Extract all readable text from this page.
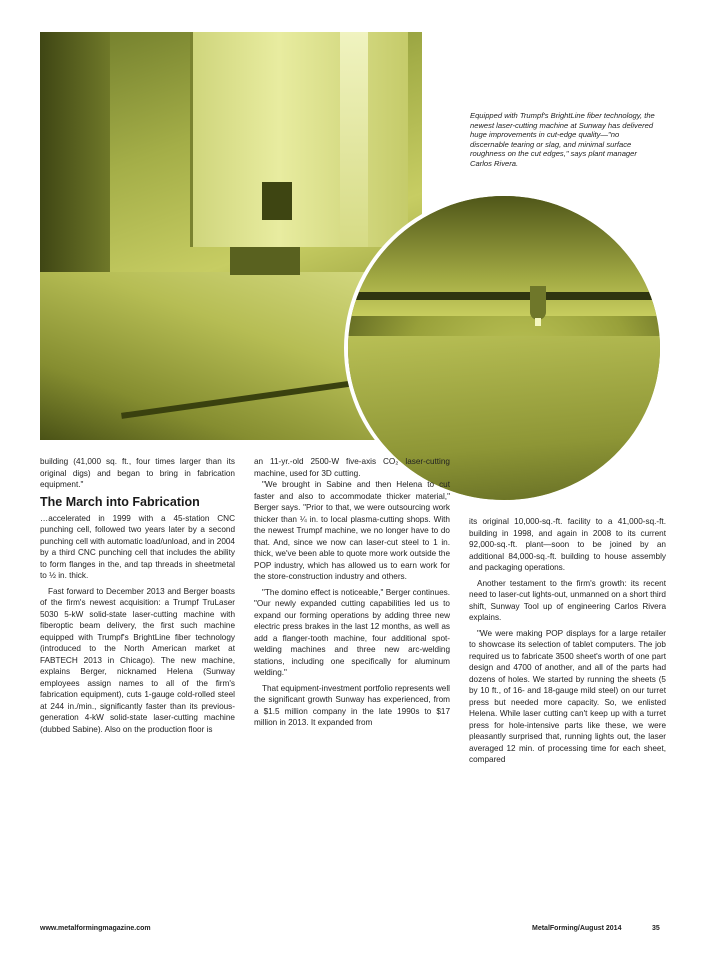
Equipped with Trumpf's BrightLine fiber technology, the newest laser-cutting machine at Sunway has delivered huge improvements in cut-edge quality—"no discernable tearing or slag, and minimal surface roughness on the cut edges," says plant manager Carlos Rivera.

building (41,000 sq. ft., four times larger than its original digs) and began to bring in fabrication equipment."

The March into Fabrication

…accelerated in 1999 with a 45-station CNC punching cell, followed two years later by a second punching cell with automatic load/unload, and in 2004 by a third CNC punching cell that includes the ability to form flanges in the, and tap threads in sheetmetal to ½ in. thick.

Fast forward to December 2013 and Berger boasts of the firm's newest acquisition: a Trumpf TruLaser 5030 5-kW solid-state laser-cutting machine with fiberoptic beam delivery, the first such machine equipped with Trumpf's BrightLine fiber technology (introduced to the North American market at FABTECH 2013 in Chicago). The new machine, explains Berger, nicknamed Helena (Sunway employees assign names to all of the firm's fabrication equipment), cuts 1-gauge cold-rolled steel at 244 in./min., significantly faster than its previous-generation 4-kW solid-state laser-cutting machine (dubbed Sabine). Also on the production floor is

an 11-yr.-old 2500-W five-axis CO₂ laser-cutting machine, used for 3D cutting.

"We brought in Sabine and then Helena to cut faster and also to accommodate thicker material," Berger says. "Prior to that, we were outsourcing work thicker than ¼ in. to local plasma-cutting shops. With the newest Trumpf machine, we no longer have to do that. And, since we now can laser-cut steel to 1 in. thick, we've been able to quote more work outside the POP industry, which has allowed us to earn work for the store-construction industry and others.

"The domino effect is noticeable," Berger continues. "Our newly expanded cutting capabilities led us to expand our forming operations by adding three new electric press brakes in the last 12 months, as well as add a flanger-tooth machine, four additional spot-welding machines and three new arc-welding stations, including one specifically for aluminum welding."

That equipment-investment portfolio represents well the significant growth Sunway has experienced, from a $1.5 million company in the late 1990s to $17 million in 2013. It expanded from

its original 10,000-sq.-ft. facility to a 41,000-sq.-ft. building in 1998, and again in 2008 to its current 92,000-sq.-ft. plant—soon to be joined by an additional 84,000-sq.-ft. building to house assembly and packaging operations.

Another testament to the firm's growth: its recent need to laser-cut lights-out, unmanned on a short third shift, Sunway Tool up of engineering Carlos Rivera explains.

"We were making POP displays for a large retailer to showcase its selection of tablet computers. The job required us to fabricate 3500 sheet's worth of one part design and 4700 of another, and all of the parts had dozens of holes. We started by running the sheets (5 by 10 ft., of 16- and 18-gauge mild steel) on our turret press but needed more capacity. So, we enlisted Helena. While laser cutting can't keep up with a turret press for hole-intensive parts like these, we were pleasantly surprised that, running lights out, the laser averaged 12 min. of processing time for each sheet, compared

www.metalformingmagazine.com	MetalForming/August 2014	35
